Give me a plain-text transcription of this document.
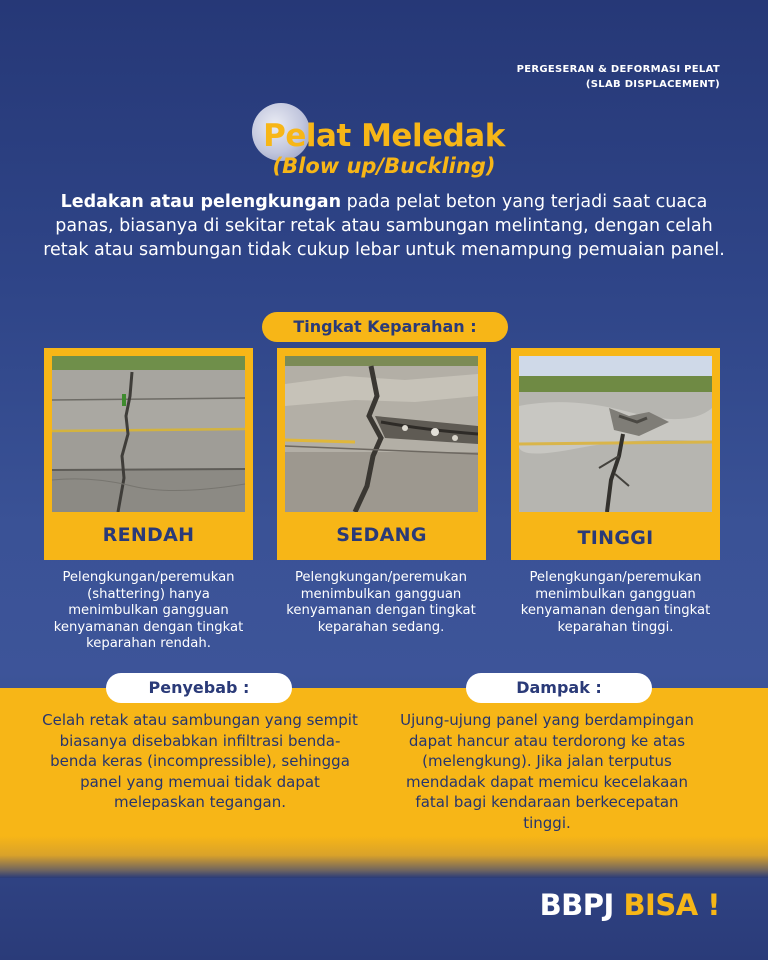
PERGESERAN & DEFORMASI PELAT
(SLAB DISPLACEMENT)
Pelat Meledak
(Blow up/Buckling)
Ledakan atau pelengkungan pada pelat beton yang terjadi saat cuaca panas, biasanya di sekitar retak atau sambungan melintang, dengan celah retak atau sambungan tidak cukup lebar untuk menampung pemuaian panel.
Tingkat Keparahan :
RENDAH	SEDANG	TINGGI
Pelengkungan/peremukan (shattering) hanya menimbulkan gangguan kenyamanan dengan tingkat keparahan rendah.
Pelengkungan/peremukan menimbulkan gangguan kenyamanan dengan tingkat keparahan sedang.
Pelengkungan/peremukan menimbulkan gangguan kenyamanan dengan tingkat keparahan tinggi.
Penyebab :	Dampak :
Celah retak atau sambungan yang sempit biasanya disebabkan infiltrasi benda-benda keras (incompressible), sehingga panel yang memuai tidak dapat melepaskan tegangan.
Ujung-ujung panel yang berdampingan dapat hancur atau terdorong ke atas (melengkung). Jika jalan terputus mendadak dapat memicu kecelakaan fatal bagi kendaraan berkecepatan tinggi.
BBPJ BISA !
